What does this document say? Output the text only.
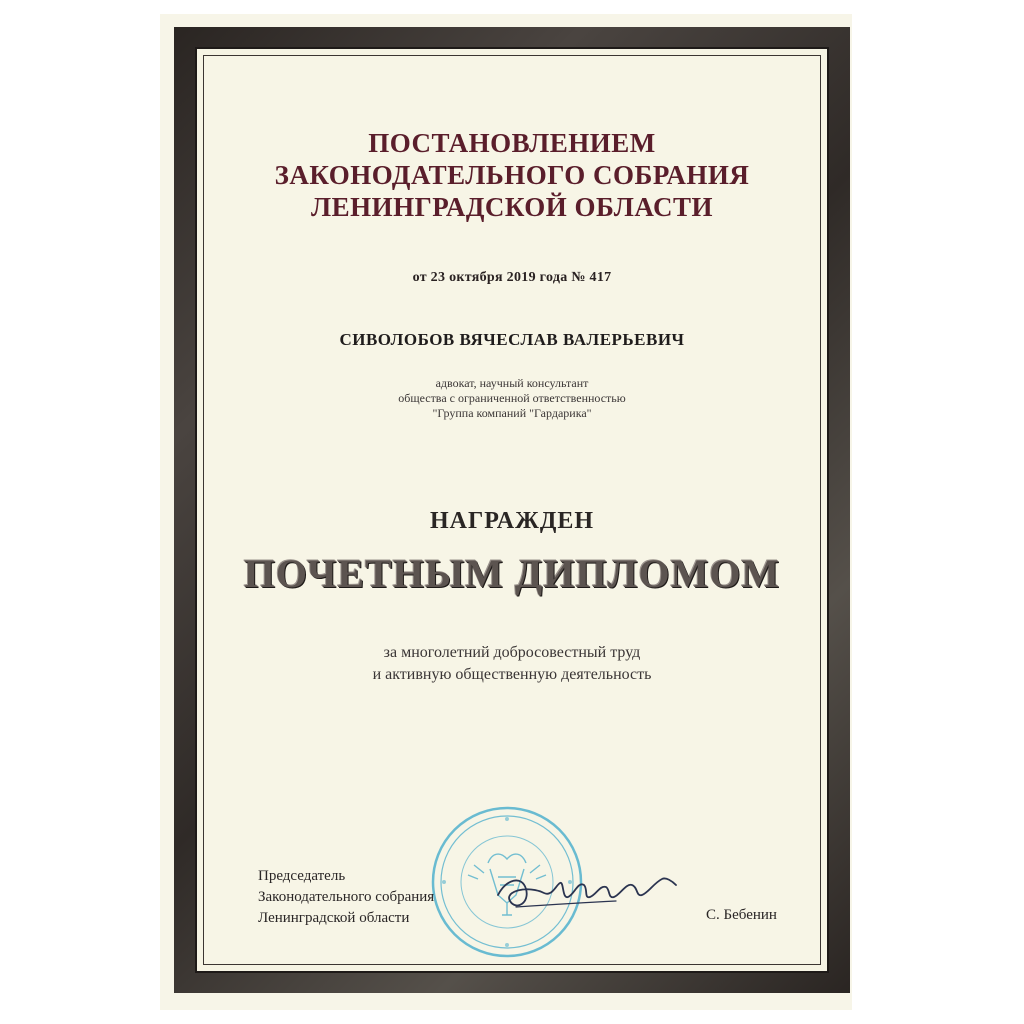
ПОСТАНОВЛЕНИЕМ
ЗАКОНОДАТЕЛЬНОГО СОБРАНИЯ
ЛЕНИНГРАДСКОЙ ОБЛАСТИ
от 23 октября 2019 года № 417
СИВОЛОБОВ ВЯЧЕСЛАВ ВАЛЕРЬЕВИЧ
адвокат, научный консультант
общества с ограниченной ответственностью
"Группа компаний "Гардарика"
НАГРАЖДЕН
ПОЧЕТНЫМ ДИПЛОМОМ
за многолетний добросовестный труд
и активную общественную деятельность
Председатель
Законодательного собрания
Ленинградской области	С. Бебенин
